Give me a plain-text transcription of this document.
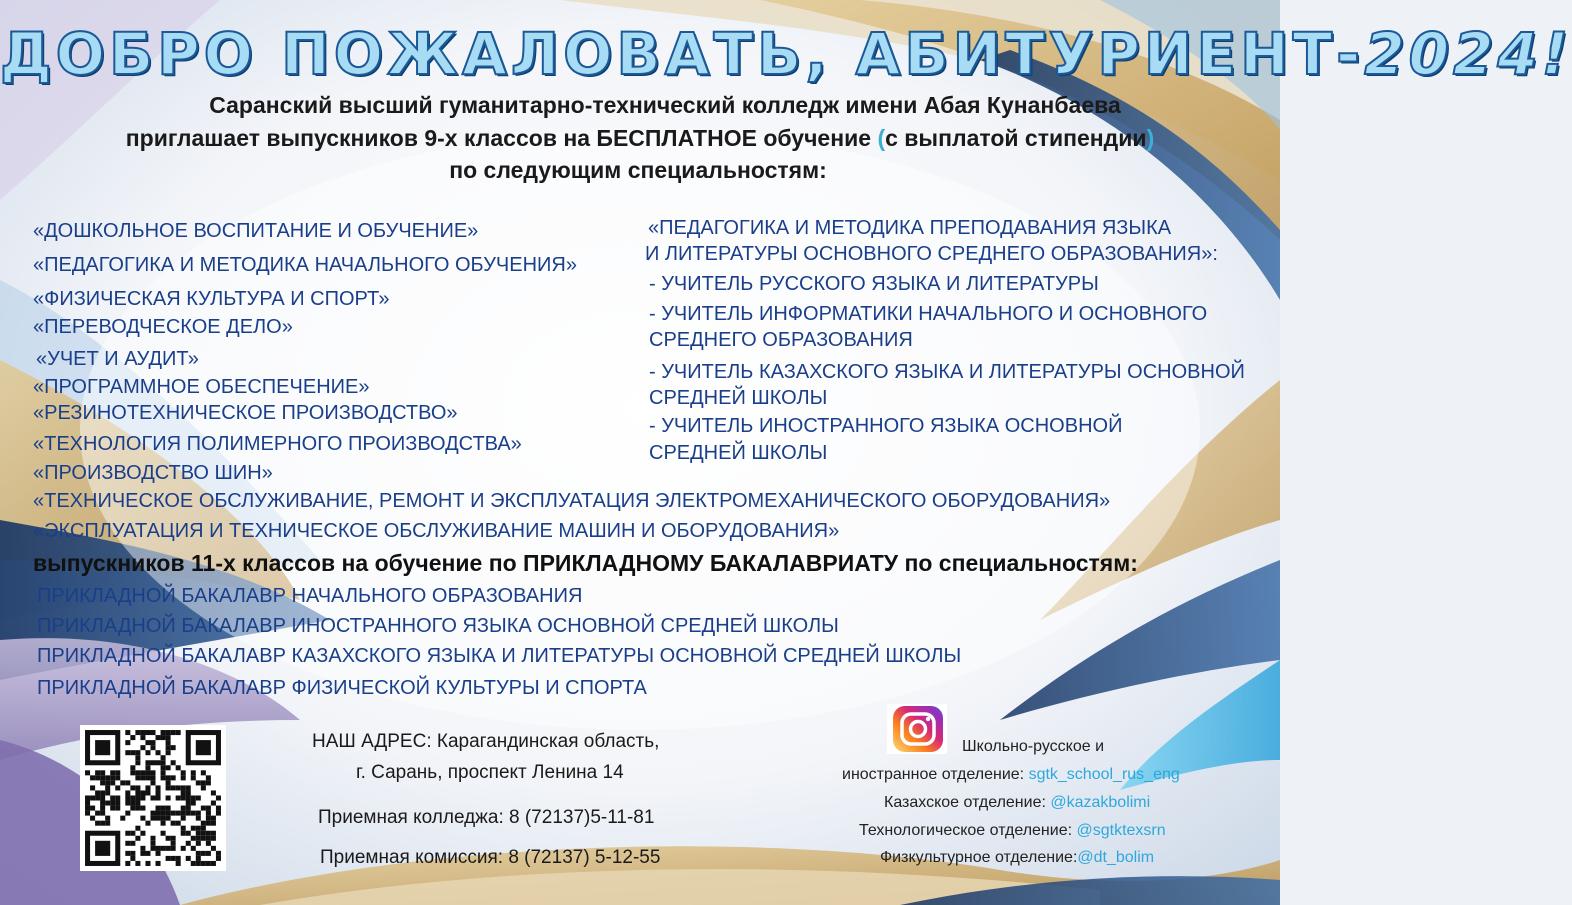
ДОБРО ПОЖАЛОВАТЬ, АБИТУРИЕНТ-2024!
Саранский высший гуманитарно-технический колледж имени Абая Кунанбаева
приглашает выпускников 9-х классов на БЕСПЛАТНОЕ обучение (с выплатой стипендии)
по следующим специальностям:
«ДОШКОЛЬНОЕ ВОСПИТАНИЕ И ОБУЧЕНИЕ»
«ПЕДАГОГИКА И МЕТОДИКА НАЧАЛЬНОГО ОБУЧЕНИЯ»
«ФИЗИЧЕСКАЯ КУЛЬТУРА И СПОРТ»
«ПЕРЕВОДЧЕСКОЕ ДЕЛО»
«УЧЕТ И АУДИТ»
«ПРОГРАММНОЕ ОБЕСПЕЧЕНИЕ»
«РЕЗИНОТЕХНИЧЕСКОЕ ПРОИЗВОДСТВО»
«ТЕХНОЛОГИЯ ПОЛИМЕРНОГО ПРОИЗВОДСТВА»
«ПРОИЗВОДСТВО ШИН»
«ПЕДАГОГИКА И МЕТОДИКА ПРЕПОДАВАНИЯ ЯЗЫКА
И ЛИТЕРАТУРЫ ОСНОВНОГО СРЕДНЕГО ОБРАЗОВАНИЯ»:
- УЧИТЕЛЬ РУССКОГО ЯЗЫКА И ЛИТЕРАТУРЫ
- УЧИТЕЛЬ ИНФОРМАТИКИ НАЧАЛЬНОГО И ОСНОВНОГО
СРЕДНЕГО ОБРАЗОВАНИЯ
- УЧИТЕЛЬ КАЗАХСКОГО ЯЗЫКА И ЛИТЕРАТУРЫ ОСНОВНОЙ
СРЕДНЕЙ ШКОЛЫ
- УЧИТЕЛЬ ИНОСТРАННОГО ЯЗЫКА ОСНОВНОЙ
СРЕДНЕЙ ШКОЛЫ
«ТЕХНИЧЕСКОЕ ОБСЛУЖИВАНИЕ, РЕМОНТ И ЭКСПЛУАТАЦИЯ ЭЛЕКТРОМЕХАНИЧЕСКОГО ОБОРУДОВАНИЯ»
«ЭКСПЛУАТАЦИЯ И ТЕХНИЧЕСКОЕ ОБСЛУЖИВАНИЕ МАШИН И ОБОРУДОВАНИЯ»
выпускников 11-х классов на обучение по ПРИКЛАДНОМУ БАКАЛАВРИАТУ по специальностям:
ПРИКЛАДНОЙ БАКАЛАВР НАЧАЛЬНОГО ОБРАЗОВАНИЯ
ПРИКЛАДНОЙ БАКАЛАВР ИНОСТРАННОГО ЯЗЫКА ОСНОВНОЙ СРЕДНЕЙ ШКОЛЫ
ПРИКЛАДНОЙ БАКАЛАВР КАЗАХСКОГО ЯЗЫКА И ЛИТЕРАТУРЫ ОСНОВНОЙ СРЕДНЕЙ ШКОЛЫ
ПРИКЛАДНОЙ БАКАЛАВР ФИЗИЧЕСКОЙ КУЛЬТУРЫ И СПОРТА
НАШ АДРЕС: Карагандинская область,
г. Сарань, проспект Ленина 14
Приемная колледжа: 8 (72137)5-11-81
Приемная комиссия: 8 (72137) 5-12-55
Школьно-русское и
иностранное отделение: sgtk_school_rus_eng
Казахское отделение: @kazakbolimi
Технологическое отделение: @sgtktexsrn
Физкультурное отделение:@dt_bolim
